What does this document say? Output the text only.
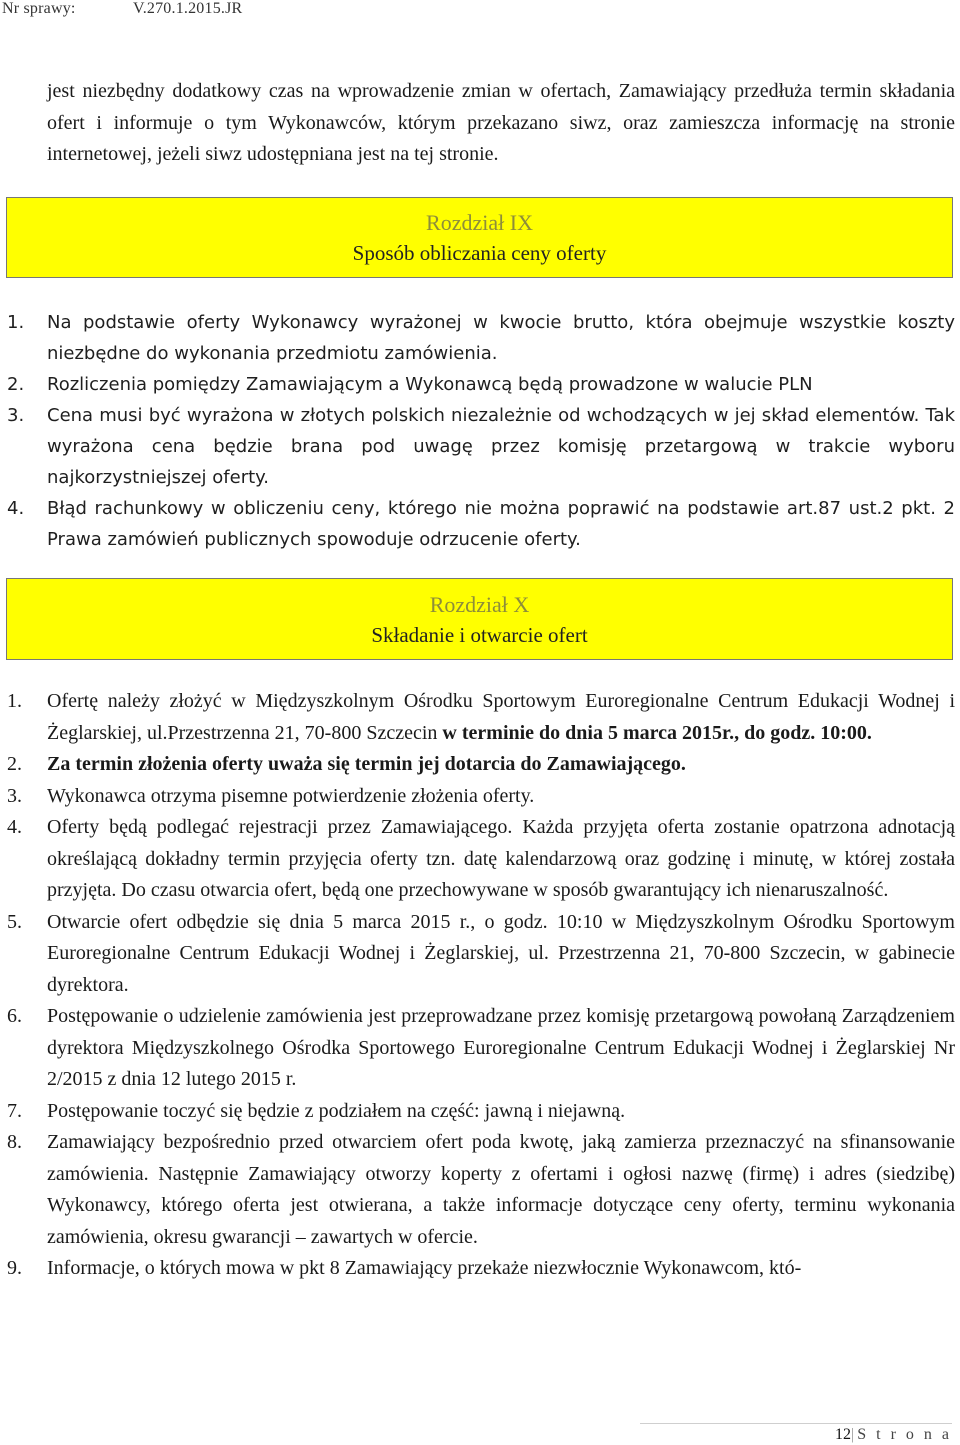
Nr sprawy:	V.270.1.2015.JR

jest niezbędny dodatkowy czas na wprowadzenie zmian w ofertach, Zamawiający przedłuża termin składania ofert i informuje o tym Wykonawców, którym przekazano siwz, oraz zamieszcza informację na stronie internetowej, jeżeli siwz udostępniana jest na tej stronie.

Rozdział IX
Sposób obliczania ceny oferty
1. Na podstawie oferty Wykonawcy wyrażonej w kwocie brutto, która obejmuje wszystkie koszty niezbędne do wykonania przedmiotu zamówienia.
2. Rozliczenia pomiędzy Zamawiającym a Wykonawcą będą prowadzone w walucie PLN
3. Cena musi być wyrażona w złotych polskich niezależnie od wchodzących w jej skład elementów. Tak wyrażona cena będzie brana pod uwagę przez komisję przetargową w trakcie wyboru najkorzystniejszej oferty.
4. Błąd rachunkowy w obliczeniu ceny, którego nie można poprawić na podstawie art.87 ust.2 pkt. 2 Prawa zamówień publicznych spowoduje odrzucenie oferty.
Rozdział X
Składanie i otwarcie ofert
1. Ofertę należy złożyć w Międzyszkolnym Ośrodku Sportowym Euroregionalne Centrum Edukacji Wodnej i Żeglarskiej, ul.Przestrzenna 21, 70-800 Szczecin w terminie do dnia 5 marca 2015r., do godz. 10:00.
2. Za termin złożenia oferty uważa się termin jej dotarcia do Zamawiającego.
3. Wykonawca otrzyma pisemne potwierdzenie złożenia oferty.
4. Oferty będą podlegać rejestracji przez Zamawiającego. Każda przyjęta oferta zostanie opatrzona adnotacją określającą dokładny termin przyjęcia oferty tzn. datę kalendarzową oraz godzinę i minutę, w której została przyjęta. Do czasu otwarcia ofert, będą one przechowywane w sposób gwarantujący ich nienaruszalność.
5. Otwarcie ofert odbędzie się dnia 5 marca 2015 r., o godz. 10:10 w Międzyszkolnym Ośrodku Sportowym Euroregionalne Centrum Edukacji Wodnej i Żeglarskiej, ul. Przestrzenna 21, 70-800 Szczecin, w gabinecie dyrektora.
6. Postępowanie o udzielenie zamówienia jest przeprowadzane przez komisję przetargową powołaną Zarządzeniem dyrektora Międzyszkolnego Ośrodka Sportowego Euroregionalne Centrum Edukacji Wodnej i Żeglarskiej Nr 2/2015 z dnia 12 lutego 2015 r.
7. Postępowanie toczyć się będzie z podziałem na część: jawną i niejawną.
8. Zamawiający bezpośrednio przed otwarciem ofert poda kwotę, jaką zamierza przeznaczyć na sfinansowanie zamówienia. Następnie Zamawiający otworzy koperty z ofertami i ogłosi nazwę (firmę) i adres (siedzibę) Wykonawcy, którego oferta jest otwierana, a także informacje dotyczące ceny oferty, terminu wykonania zamówienia, okresu gwarancji – zawartych w ofercie.
9. Informacje, o których mowa w pkt 8 Zamawiający przekaże niezwłocznie Wykonawcom, któ-
12|S t r o n a
